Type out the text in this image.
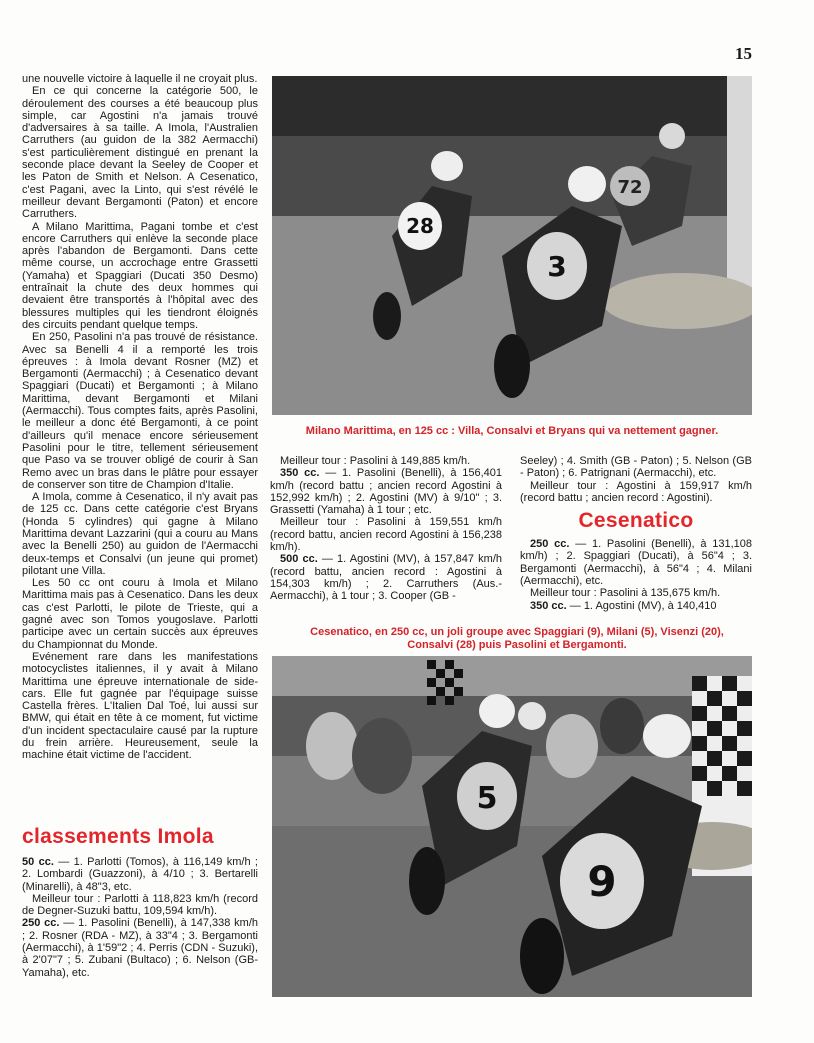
15

une nouvelle victoire à laquelle il ne croyait plus.

En ce qui concerne la catégorie 500, le déroulement des courses a été beaucoup plus simple, car Agostini n'a jamais trouvé d'adversaires à sa taille. A Imola, l'Australien Carruthers (au guidon de la 382 Aermacchi) s'est particulièrement distingué en prenant la seconde place devant la Seeley de Cooper et les Paton de Smith et Nelson. A Cesenatico, c'est Pagani, avec la Linto, qui s'est révélé le meilleur devant Bergamonti (Paton) et encore Carruthers.

A Milano Marittima, Pagani tombe et c'est encore Carruthers qui enlève la seconde place après l'abandon de Bergamonti. Dans cette même course, un accrochage entre Grassetti (Yamaha) et Spaggiari (Ducati 350 Desmo) entraînait la chute des deux hommes qui devaient être transportés à l'hôpital avec des blessures multiples qui les tiendront éloignés des circuits pendant quelque temps.

En 250, Pasolini n'a pas trouvé de résistance. Avec sa Benelli 4 il a remporté les trois épreuves : à Imola devant Rosner (MZ) et Bergamonti (Aermacchi) ; à Cesenatico devant Spaggiari (Ducati) et Bergamonti ; à Milano Marittima, devant Bergamonti et Milani (Aermacchi). Tous comptes faits, après Pasolini, le meilleur a donc été Bergamonti, à ce point d'ailleurs qu'il menace encore sérieusement Pasolini pour le titre, tellement sérieusement que Paso va se trouver obligé de courir à San Remo avec un bras dans le plâtre pour essayer de conserver son titre de Champion d'Italie.

A Imola, comme à Cesenatico, il n'y avait pas de 125 cc. Dans cette catégorie c'est Bryans (Honda 5 cylindres) qui gagne à Milano Marittima devant Lazzarini (qui a couru au Mans avec la Benelli 250) au guidon de l'Aermacchi deux-temps et Consalvi (un jeune qui promet) pilotant une Villa.

Les 50 cc ont couru à Imola et Milano Marittima mais pas à Cesenatico. Dans les deux cas c'est Parlotti, le pilote de Trieste, qui a gagné avec son Tomos yougoslave. Parlotti participe avec un certain succès aux épreuves du Championnat du Monde.

Evénement rare dans les manifestations motocyclistes italiennes, il y avait à Milano Marittima une épreuve internationale de side-cars. Elle fut gagnée par l'équipage suisse Castella frères. L'Italien Dal Toé, lui aussi sur BMW, qui était en tête à ce moment, fut victime d'un incident spectaculaire causé par la rupture du frein arrière. Heureusement, seule la machine était victime de l'accident.

classements Imola

50 cc. — 1. Parlotti (Tomos), à 116,149 km/h ; 2. Lombardi (Guazzoni), à 4/10 ; 3. Bertarelli (Minarelli), à 48"3, etc.

Meilleur tour : Parlotti à 118,823 km/h (record de Degner-Suzuki battu, 109,594 km/h).

250 cc. — 1. Pasolini (Benelli), à 147,338 km/h ; 2. Rosner (RDA - MZ), à 33"4 ; 3. Bergamonti (Aermacchi), à 1'59"2 ; 4. Perris (CDN - Suzuki), à 2'07"7 ; 5. Zubani (Bultaco) ; 6. Nelson (GB-Yamaha), etc.

28
3
72
Milano Marittima, en 125 cc : Villa, Consalvi et Bryans qui va nettement gagner.

Meilleur tour : Pasolini à 149,885 km/h.

350 cc. — 1. Pasolini (Benelli), à 156,401 km/h (record battu ; ancien record Agostini à 152,992 km/h) ; 2. Agostini (MV) à 9/10" ; 3. Grassetti (Yamaha) à 1 tour ; etc.

Meilleur tour : Pasolini à 159,551 km/h (record battu, ancien record Agostini à 156,238 km/h).

500 cc. — 1. Agostini (MV), à 157,847 km/h (record battu, ancien record : Agostini à 154,303 km/h) ; 2. Carruthers (Aus.-Aermacchi), à 1 tour ; 3. Cooper (GB -

Seeley) ; 4. Smith (GB - Paton) ; 5. Nelson (GB - Paton) ; 6. Patrignani (Aermacchi), etc.

Meilleur tour : Agostini à 159,917 km/h (record battu ; ancien record : Agostini).

Cesenatico

250 cc. — 1. Pasolini (Benelli), à 131,108 km/h) ; 2. Spaggiari (Ducati), à 56"4 ; 3. Bergamonti (Aermacchi), à 56"4 ; 4. Milani (Aermacchi), etc.

Meilleur tour : Pasolini à 135,675 km/h.

350 cc. — 1. Agostini (MV), à 140,410

Cesenatico, en 250 cc, un joli groupe avec Spaggiari (9), Milani (5), Visenzi (20),
Consalvi (28) puis Pasolini et Bergamonti.
5
9
